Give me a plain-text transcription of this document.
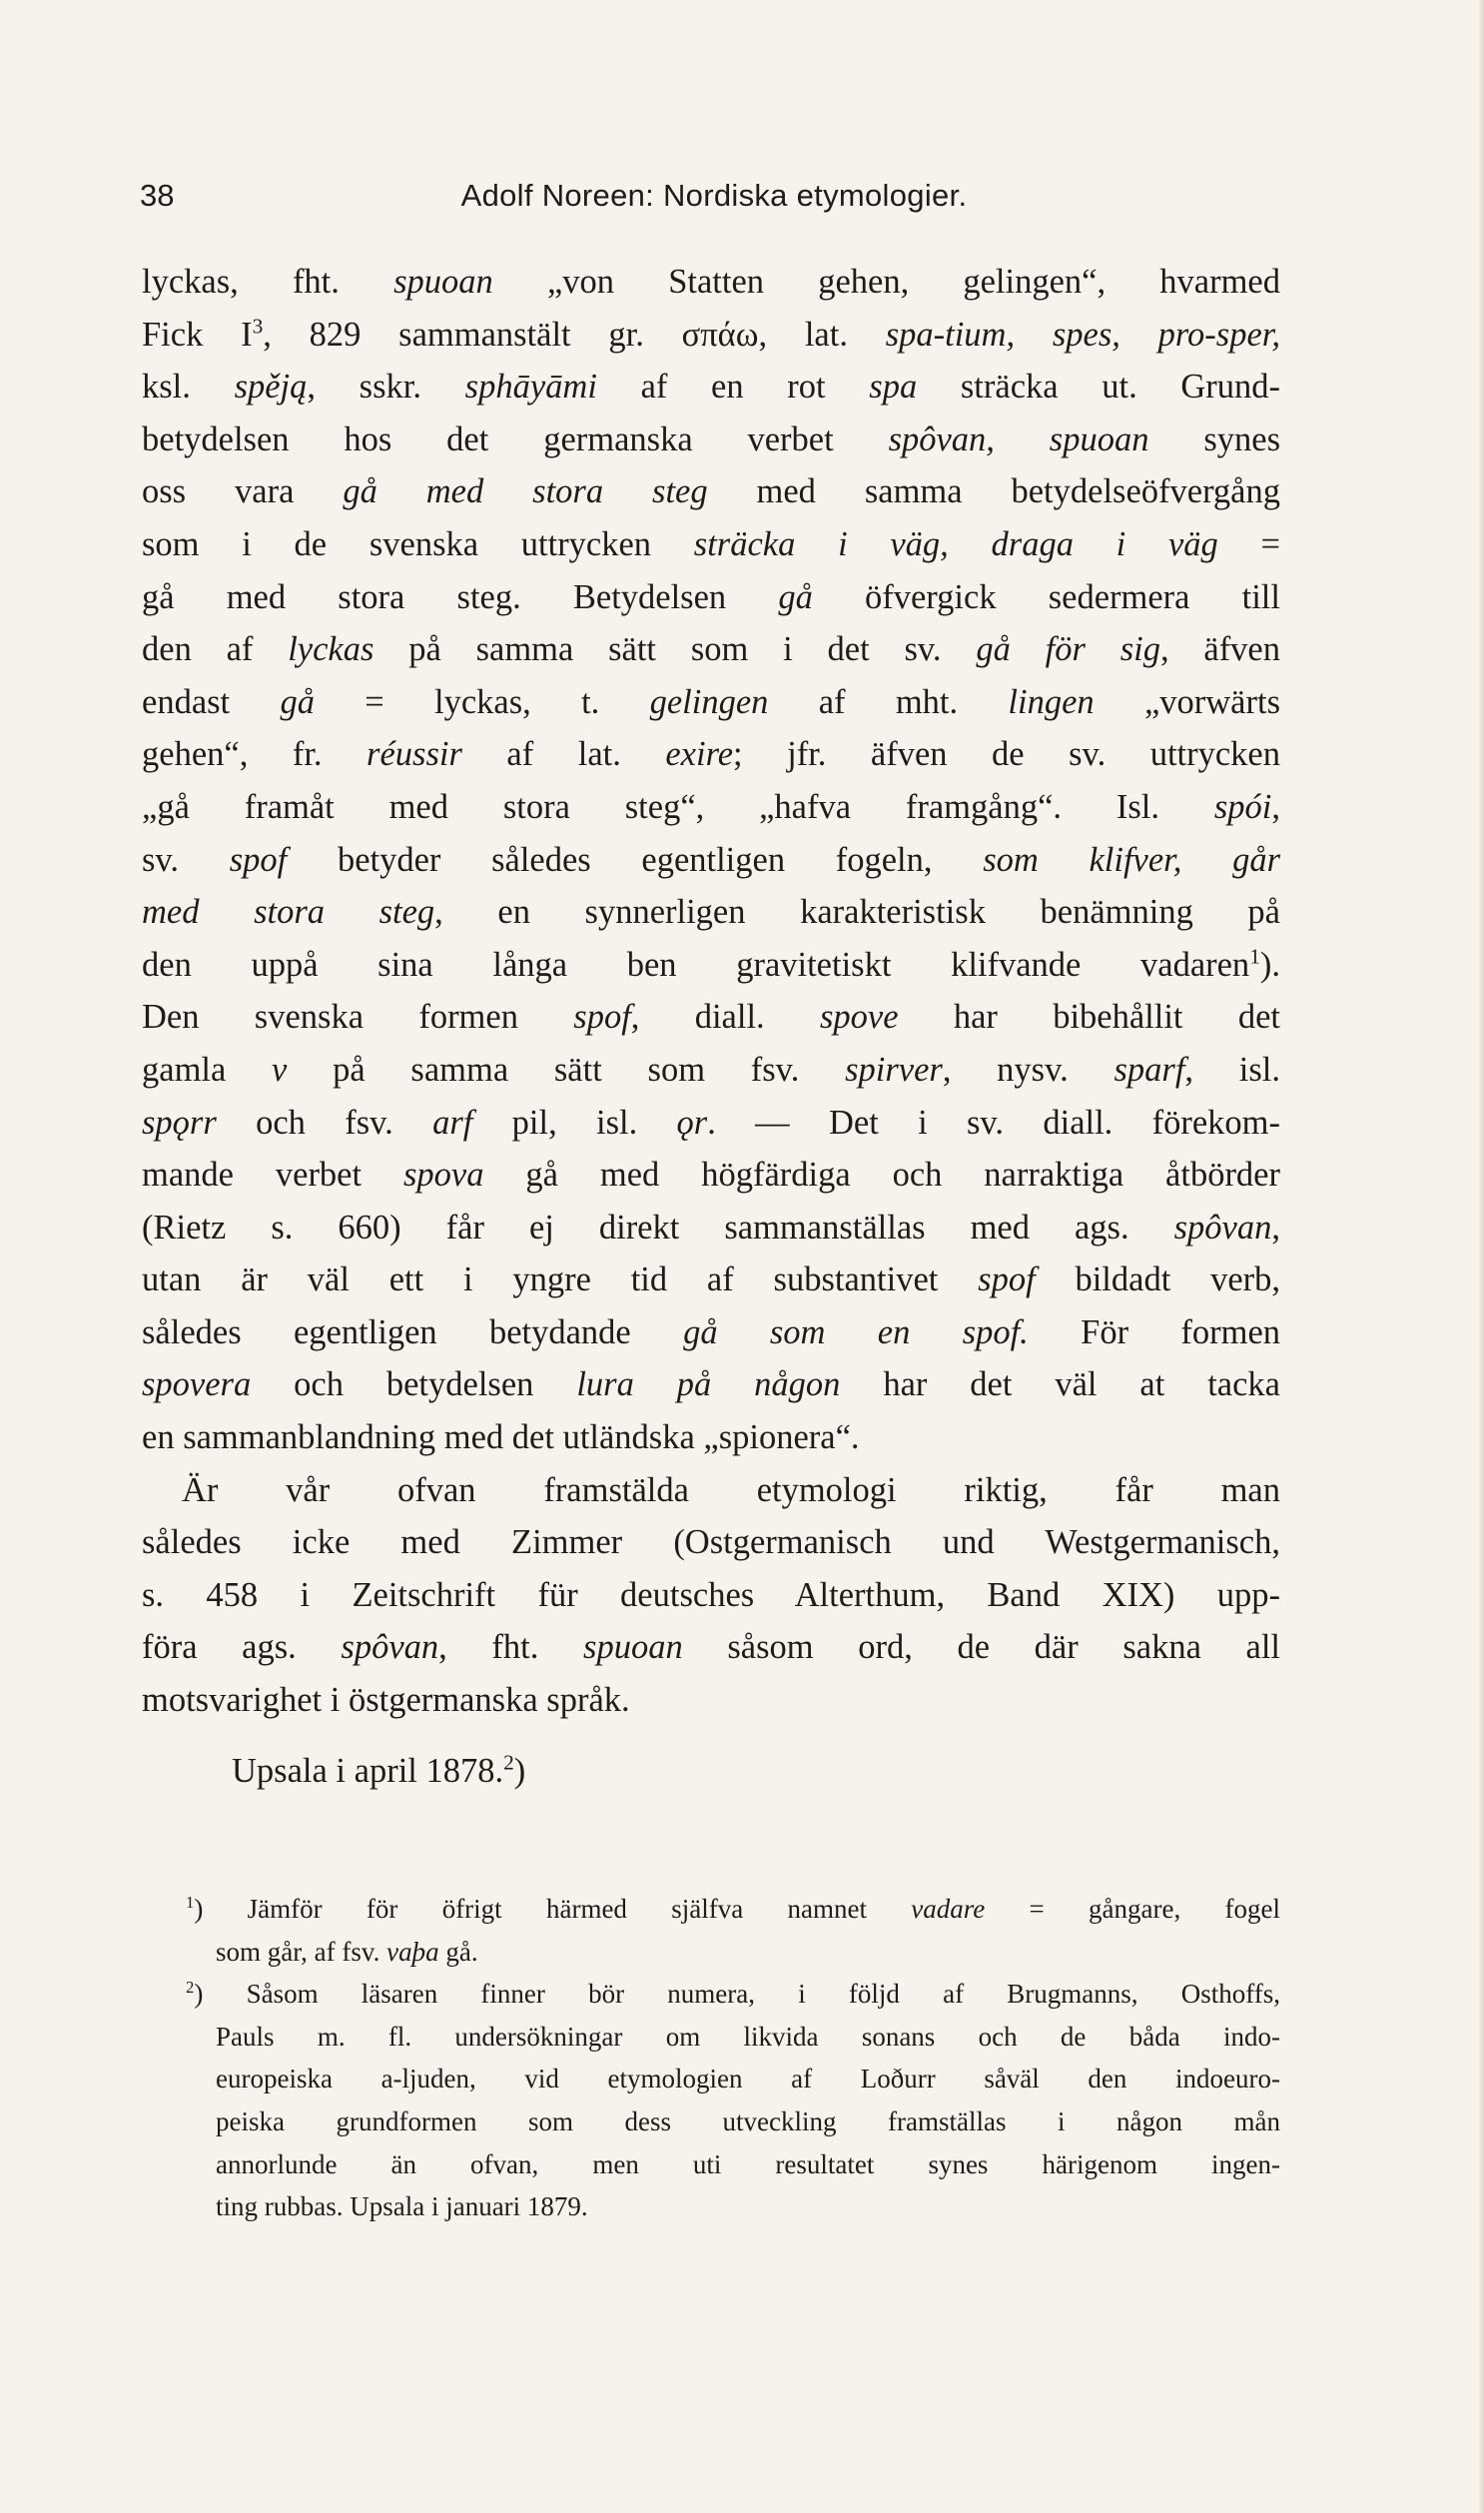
38	Adolf Noreen: Nordiska etymologier.
lyckas, fht. spuoan „von Statten gehen, gelingen“, hvarmed
Fick $I^3$, 829 sammanstält gr. σπάω, lat. spa-tium, spes, pro-sper,
ksl. spěją, sskr. sphāyāmi af en rot spa sträcka ut. Grund-
betydelsen hos det germanska verbet spôvan, spuoan synes
oss vara gå med stora steg med samma betydelseöfvergång
som i de svenska uttrycken sträcka i väg, draga i väg =
gå med stora steg. Betydelsen gå öfvergick sedermera till
den af lyckas på samma sätt som i det sv. gå för sig, äfven
endast gå = lyckas, t. gelingen af mht. lingen „vorwärts
gehen“, fr. réussir af lat. exire; jfr. äfven de sv. uttrycken
„gå framåt med stora steg“, „hafva framgång“. Isl. spói,
sv. spof betyder således egentligen fogeln, som klifver, går
med stora steg, en synnerligen karakteristisk benämning på
den uppå sina långa ben gravitetiskt klifvande vadaren$^1$).
Den svenska formen spof, diall. spove har bibehållit det
gamla v på samma sätt som fsv. spirver, nysv. sparf, isl.
spǫrr och fsv. arf pil, isl. ǫr. — Det i sv. diall. förekom-
mande verbet spova gå med högfärdiga och narraktiga åtbörder
(Rietz s. 660) får ej direkt sammanställas med ags. spôvan,
utan är väl ett i yngre tid af substantivet spof bildadt verb,
således egentligen betydande gå som en spof. För formen
spovera och betydelsen lura på någon har det väl at tacka
en sammanblandning med det utländska „spionera“.
Är vår ofvan framstälda etymologi riktig, får man
således icke med Zimmer (Ostgermanisch und Westgermanisch,
s. 458 i Zeitschrift für deutsches Alterthum, Band XIX) upp-
föra ags. spôvan, fht. spuoan såsom ord, de där sakna all
motsvarighet i östgermanska språk.
Upsala i april 1878.$^2$)
$^1$) Jämför för öfrigt härmed själfva namnet vadare = gångare, fogel
som går, af fsv. vaþa gå.
$^2$) Såsom läsaren finner bör numera, i följd af Brugmanns, Osthoffs,
Pauls m. fl. undersökningar om likvida sonans och de båda indo-
europeiska a-ljuden, vid etymologien af Loðurr såväl den indoeuro-
peiska grundformen som dess utveckling framställas i någon mån
annorlunde än ofvan, men uti resultatet synes härigenom ingen-
ting rubbas. Upsala i januari 1879.
